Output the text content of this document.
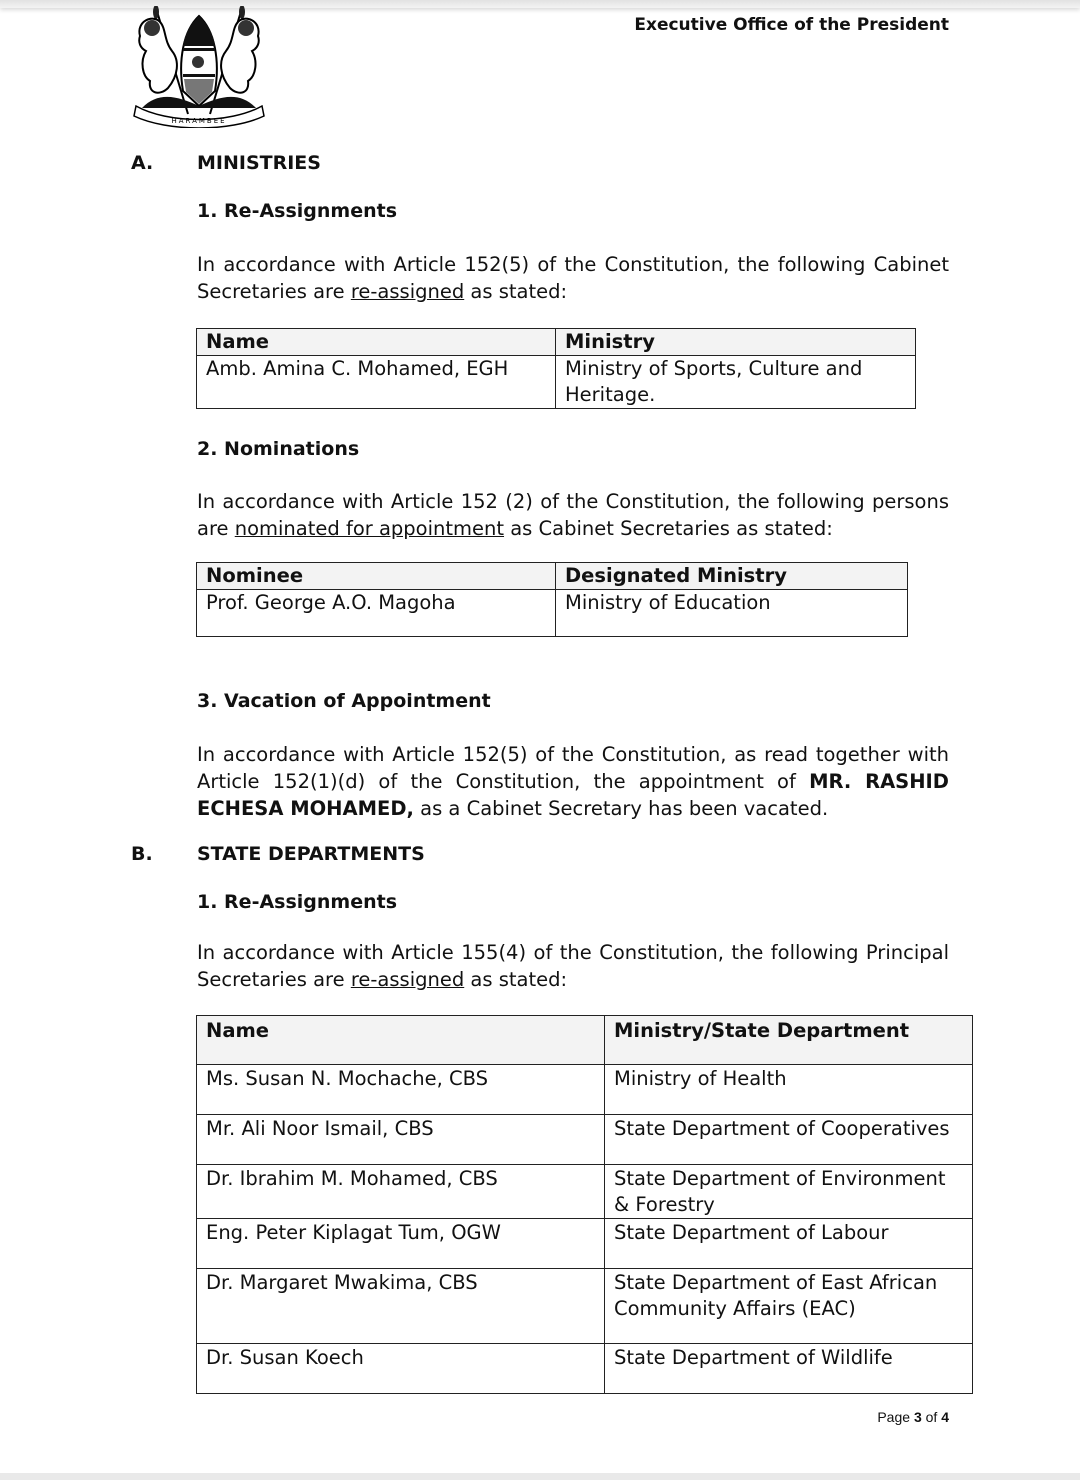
HARAMBEE
Executive Office of the President
A. MINISTRIES
1. Re-Assignments
In accordance with Article 152(5) of the Constitution, the following Cabinet Secretaries are re-assigned as stated:
Name	Ministry
Amb. Amina C. Mohamed, EGH	Ministry of Sports, Culture and Heritage.
2. Nominations
In accordance with Article 152 (2) of the Constitution, the following persons are nominated for appointment as Cabinet Secretaries as stated:
Nominee	Designated Ministry
Prof. George A.O. Magoha	Ministry of Education
3. Vacation of Appointment
In accordance with Article 152(5) of the Constitution, as read together with Article 152(1)(d) of the Constitution, the appointment of MR. RASHID ECHESA MOHAMED, as a Cabinet Secretary has been vacated.
B. STATE DEPARTMENTS
1. Re-Assignments
In accordance with Article 155(4) of the Constitution, the following Principal Secretaries are re-assigned as stated:
Name	Ministry/State Department
Ms. Susan N. Mochache, CBS	Ministry of Health
Mr. Ali Noor Ismail, CBS	State Department of Cooperatives
Dr. Ibrahim M. Mohamed, CBS	State Department of Environment & Forestry
Eng. Peter Kiplagat Tum, OGW	State Department of Labour
Dr. Margaret Mwakima, CBS	State Department of East African Community Affairs (EAC)
Dr. Susan Koech	State Department of Wildlife
Page 3 of 4
